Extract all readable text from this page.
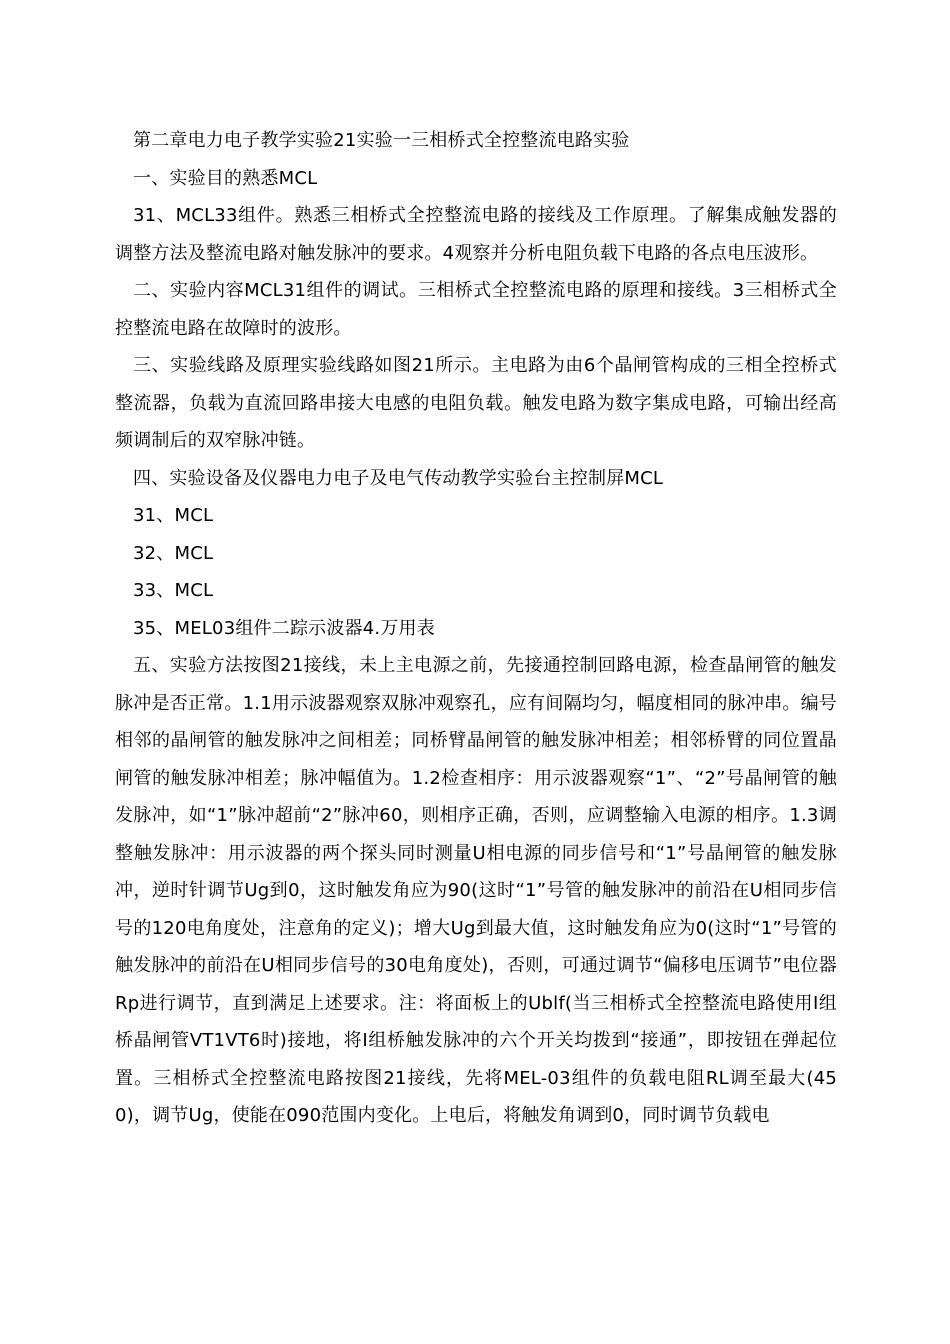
第二章电力电子教学实验21实验一三相桥式全控整流电路实验

一、实验目的熟悉MCL

31、MCL33组件。熟悉三相桥式全控整流电路的接线及工作原理。了解集成触发器的调整方法及整流电路对触发脉冲的要求。4观察并分析电阻负载下电路的各点电压波形。

二、实验内容MCL31组件的调试。三相桥式全控整流电路的原理和接线。3三相桥式全控整流电路在故障时的波形。

三、实验线路及原理实验线路如图21所示。主电路为由6个晶闸管构成的三相全控桥式整流器，负载为直流回路串接大电感的电阻负载。触发电路为数字集成电路，可输出经高频调制后的双窄脉冲链。

四、实验设备及仪器电力电子及电气传动教学实验台主控制屏MCL

31、MCL

32、MCL

33、MCL

35、MEL03组件二踪示波器4.万用表

五、实验方法按图21接线，未上主电源之前，先接通控制回路电源，检查晶闸管的触发脉冲是否正常。1.1用示波器观察双脉冲观察孔，应有间隔均匀，幅度相同的脉冲串。编号相邻的晶闸管的触发脉冲之间相差；同桥臂晶闸管的触发脉冲相差；相邻桥臂的同位置晶闸管的触发脉冲相差；脉冲幅值为。1.2检查相序：用示波器观察“1”、“2”号晶闸管的触发脉冲，如“1”脉冲超前“2”脉冲60，则相序正确，否则，应调整输入电源的相序。1.3调整触发脉冲：用示波器的两个探头同时测量U相电源的同步信号和“1”号晶闸管的触发脉冲，逆时针调节Ug到0，这时触发角应为90(这时“1”号管的触发脉冲的前沿在U相同步信号的120电角度处，注意角的定义)；增大Ug到最大值，这时触发角应为0(这时“1”号管的触发脉冲的前沿在U相同步信号的30电角度处)，否则，可通过调节“偏移电压调节”电位器Rp进行调节，直到满足上述要求。注：将面板上的Ublf(当三相桥式全控整流电路使用I组桥晶闸管VT1VT6时)接地，将I组桥触发脉冲的六个开关均拨到“接通”，即按钮在弹起位置。三相桥式全控整流电路按图21接线，先将MEL-03组件的负载电阻RL调至最大(450)，调节Ug，使能在090范围内变化。上电后，将触发角调到0，同时调节负载电
